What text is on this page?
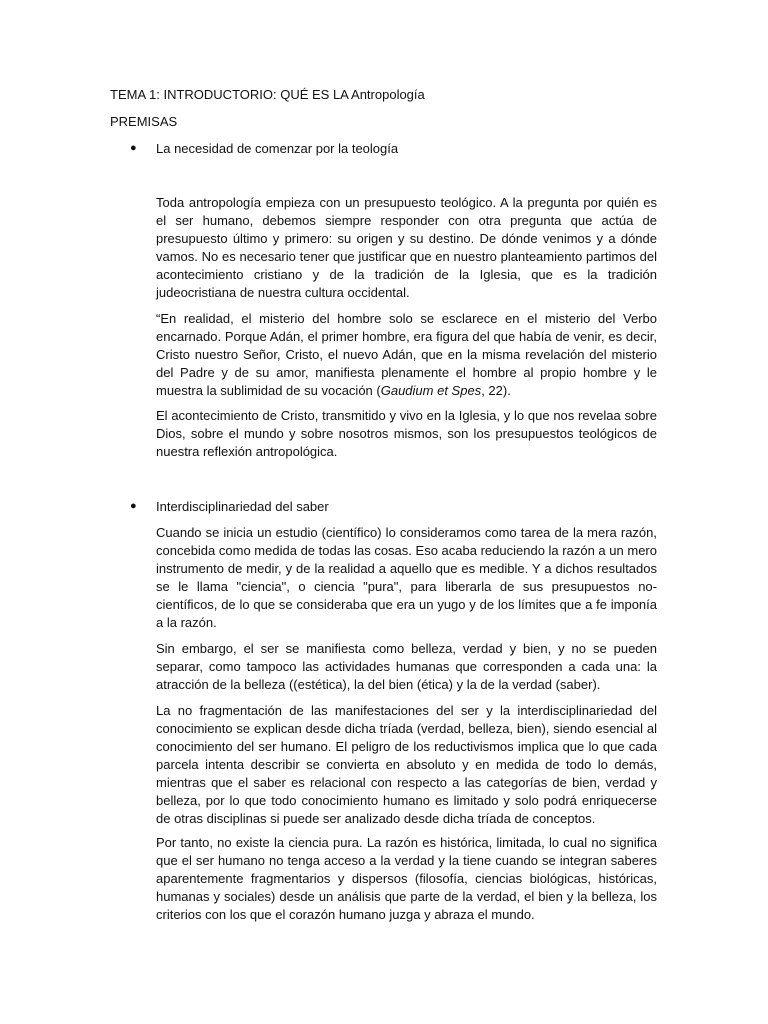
TEMA 1: INTRODUCTORIO: QUÉ ES LA Antropología
PREMISAS
●	La necesidad de comenzar por la teología

Toda antropología empieza con un presupuesto teológico. A la pregunta por quién es el ser humano, debemos siempre responder con otra pregunta que actúa de presupuesto último y primero: su origen y su destino. De dónde venimos y a dónde vamos. No es necesario tener que justificar que en nuestro planteamiento partimos del acontecimiento cristiano y de la tradición de la Iglesia, que es la tradición judeocristiana de nuestra cultura occidental.

“En realidad, el misterio del hombre solo se esclarece en el misterio del Verbo encarnado. Porque Adán, el primer hombre, era figura del que había de venir, es decir, Cristo nuestro Señor, Cristo, el nuevo Adán, que en la misma revelación del misterio del Padre y de su amor, manifiesta plenamente el hombre al propio hombre y le muestra la sublimidad de su vocación (Gaudium et Spes, 22).

El acontecimiento de Cristo, transmitido y vivo en la Iglesia, y lo que nos revelaa sobre Dios, sobre el mundo y sobre nosotros mismos, son los presupuestos teológicos de nuestra reflexión antropológica.

●	Interdisciplinariedad del saber

Cuando se inicia un estudio (científico) lo consideramos como tarea de la mera razón, concebida como medida de todas las cosas. Eso acaba reduciendo la razón a un mero instrumento de medir, y de la realidad a aquello que es medible. Y a dichos resultados se le llama "ciencia", o ciencia "pura", para liberarla de sus presupuestos no-científicos, de lo que se consideraba que era un yugo y de los límites que a fe imponía a la razón.

Sin embargo, el ser se manifiesta como belleza, verdad y bien, y no se pueden separar, como tampoco las actividades humanas que corresponden a cada una: la atracción de la belleza ((estética), la del bien (ética) y la de la verdad (saber).

La no fragmentación de las manifestaciones del ser y la interdisciplinariedad del conocimiento se explican desde dicha tríada (verdad, belleza, bien), siendo esencial al conocimiento del ser humano. El peligro de los reductivismos implica que lo que cada parcela intenta describir se convierta en absoluto y en medida de todo lo demás, mientras que el saber es relacional con respecto a las categorías de bien, verdad y belleza, por lo que todo conocimiento humano es limitado y solo podrá enriquecerse de otras disciplinas si puede ser analizado desde dicha tríada de conceptos.

Por tanto, no existe la ciencia pura. La razón es histórica, limitada, lo cual no significa que el ser humano no tenga acceso a la verdad y la tiene cuando se integran saberes aparentemente fragmentarios y dispersos (filosofía, ciencias biológicas, históricas, humanas y sociales) desde un análisis que parte de la verdad, el bien y la belleza, los criterios con los que el corazón humano juzga y abraza el mundo.
